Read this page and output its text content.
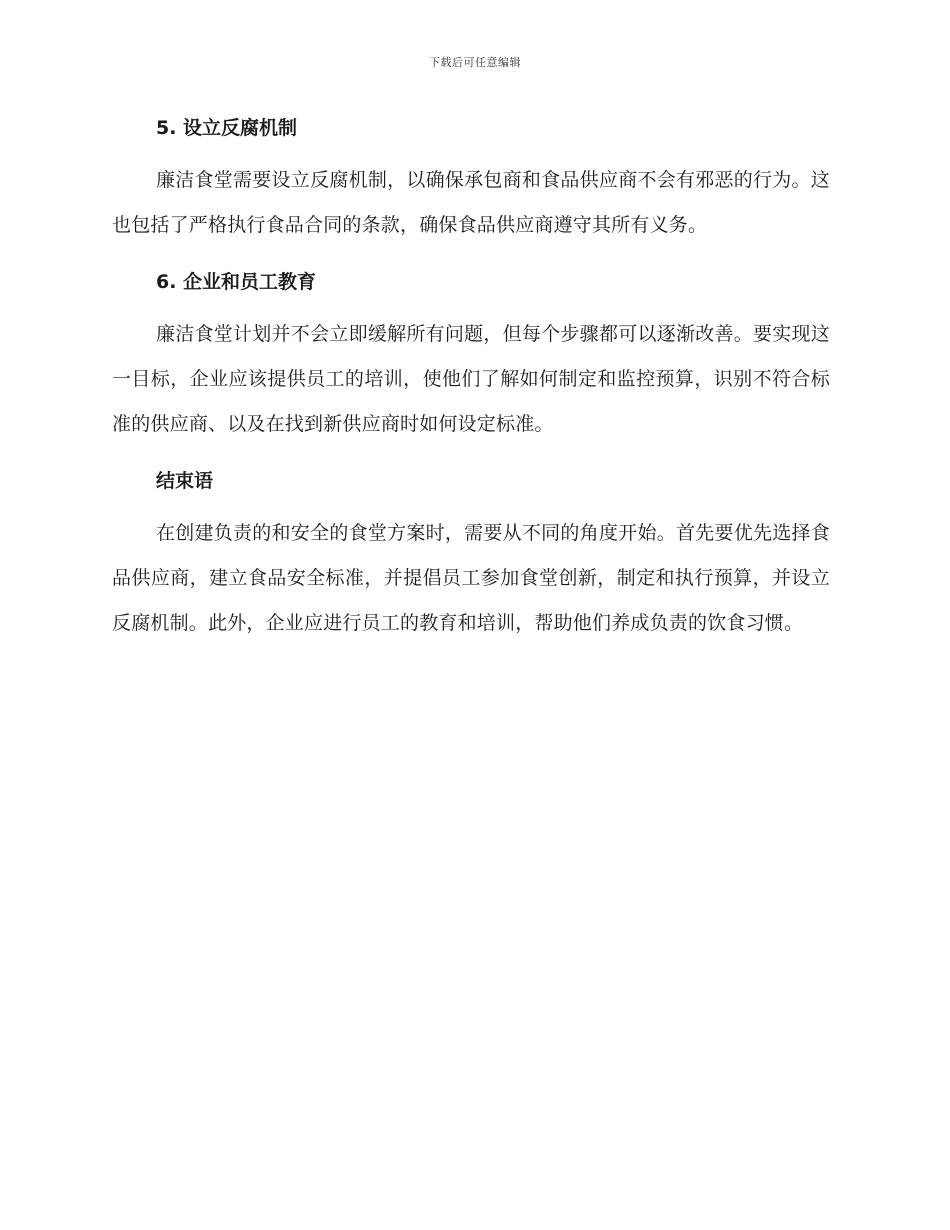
下载后可任意编辑
5. 设立反腐机制

廉洁食堂需要设立反腐机制，以确保承包商和食品供应商不会有邪恶的行为。这也包括了严格执行食品合同的条款，确保食品供应商遵守其所有义务。

6. 企业和员工教育

廉洁食堂计划并不会立即缓解所有问题，但每个步骤都可以逐渐改善。要实现这一目标，企业应该提供员工的培训，使他们了解如何制定和监控预算，识别不符合标准的供应商、以及在找到新供应商时如何设定标准。

结束语

在创建负责的和安全的食堂方案时，需要从不同的角度开始。首先要优先选择食品供应商，建立食品安全标准，并提倡员工参加食堂创新，制定和执行预算，并设立反腐机制。此外，企业应进行员工的教育和培训，帮助他们养成负责的饮食习惯。
